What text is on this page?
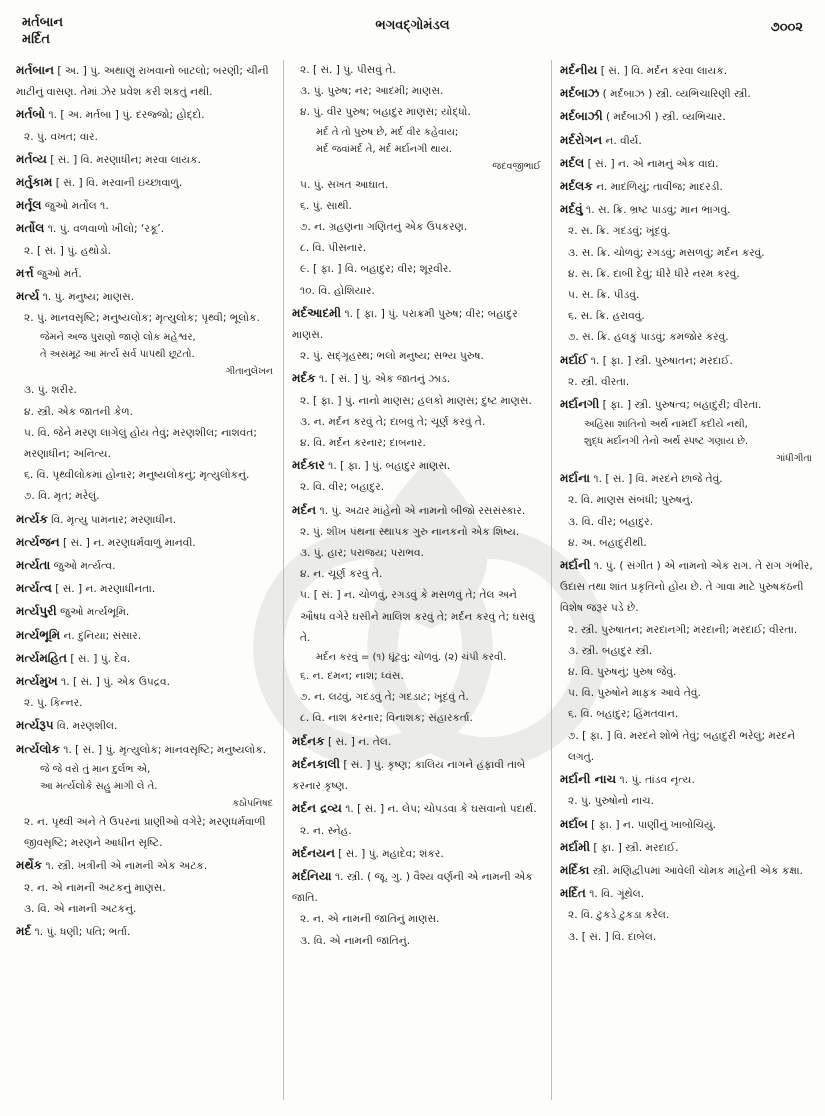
મર્તબાન
મર્દિત
ભગવદ્ગોમંડલ	૭૦૦૨
મર્તબાન [ અ. ] પું. અથાણું રાખવાનો બાટલો; બરણી; ચીની માટીનું વાસણ. તેમાં ઝેર પ્રવેશ કરી શકતું નથી.
મર્તબો ૧. [ અ. મર્તબા ] પું. દરજ્જો; હોદ્દો.
૨. પું. વખત; વાર.
મર્તવ્ય [ સં. ] વિ. મરણાધીન; મરવા લાયક.
મર્તુકામ [ સં. ] વિ. મરવાની ઇચ્છાવાળું.
મર્તૂલ જુઓ મર્તોલ ૧.
મર્તોલ ૧. પું. વળવાળો ખીલો; ‘રકૂ’.
૨. [ સં. ] પું. હથોડો.
મર્ત્ત જુઓ મર્ત.
મર્ત્ય ૧. પું. મનુષ્ય; માણસ.
૨. પું. માનવસૃષ્ટિ; મનુષ્યલોક; મૃત્યુલોક; પૃથ્વી; ભૂલોક.
જેમને અજ પુરાણો જાણે લોક મહેશ્વર,
તે અસંમૂઢ આ મર્ત્ય સર્વ પાપથી છૂટતો.
ગીતાનુલેખન
૩. પું. શરીર.
૪. સ્ત્રી. એક જાતની કેળ.
૫. વિ. જેને મરણ લાગેલું હોય તેવું; મરણશીલ; નાશવંત; મરણાધીન; અનિત્ય.
૬. વિ. પૃથ્વીલોકમાં હોનાર; મનુષ્યલોકનું; મૃત્યુલોકનું.
૭. વિ. મૃત; મરેલું.
મર્ત્યક વિ. મૃત્યુ પામનાર; મરણાધીન.
મર્ત્યજન [ સં. ] ન. મરણધર્મવાળું માનવી.
મર્ત્યતા જુઓ મર્ત્યત્વ.
મર્ત્યત્વ [ સં. ] ન. મરણાધીનતા.
મર્ત્યપુરી જુઓ મર્ત્યભૂમિ.
મર્ત્યભૂમિ ન. દુનિયા; સંસાર.
મર્ત્યમહિત [ સં. ] પું. દેવ.
મર્ત્યમુખ ૧. [ સં. ] પું. એક ઉપદ્રવ.
૨. પું. કિન્નર.
મર્ત્યરૂપ વિ. મરણશીલ.
મર્ત્યલોક ૧. [ સં. ] પું. મૃત્યુલોક; માનવસૃષ્ટિ; મનુષ્યલોક.
જે જે વરો તું માન દુર્લભ એ,
આ મર્ત્યલોકે સહુ માગી લે તે.
કઠોપનિષદ
૨. ન. પૃથ્વી અને તે ઉપરનાં પ્રાણીઓ વગેરે; મરણધર્મવાળી જીવસૃષ્ટિ; મરણને આધીન સૃષ્ટિ.
મર્થેક ૧. સ્ત્રી. ખત્રીની એ નામની એક અટક.
૨. ન. એ નામની અટકનું માણસ.
૩. વિ. એ નામની અટકનું.
મર્દ ૧. પું. ધણી; પતિ; ભર્તા.
૨. [ સં. ] પું. પીસવું તે.
૩. પું. પુરુષ; નર; આદમી; માણસ.
૪. પું. વીર પુરુષ; બહાદુર માણસ; યોદ્ધો.
મર્દ તે તો પુરુષ છે, મર્દ વીર કહેવાય;
મર્દ જવાંમર્દ તે, મર્દ મર્દાનગી થાય.
જદવજીભાઈ
૫. પું. સખત આઘાત.
૬. પું. સાથી.
૭. ન. ગ્રહણના ગણિતનું એક ઉપકરણ.
૮. વિ. પીસનાર.
૯. [ ફા. ] વિ. બહાદુર; વીર; શૂરવીર.
૧૦. વિ. હોશિયાર.
મર્દઆદમી ૧. [ ફા. ] પું. પરાક્રમી પુરુષ; વીર; બહાદુર માણસ.
૨. પું. સદ્ગૃહસ્થ; ભલો મનુષ્ય; સભ્ય પુરુષ.
મર્દક ૧. [ સં. ] પું. એક જાતનું ઝાડ.
૨. [ ફા. ] પું. નાનો માણસ; હલકો માણસ; દુષ્ટ માણસ.
૩. ન. મર્દન કરવું તે; દાબવું તે; ચૂર્ણ કરવું તે.
૪. વિ. મર્દન કરનાર; દાબનાર.
મર્દકાર ૧. [ ફા. ] પું. બહાદુર માણસ.
૨. વિ. વીર; બહાદુર.
મર્દન ૧. પું. અઢાર માંહેનો એ નામનો બીજો રસસંસ્કાર.
૨. પું. શીખ પંથના સ્થાપક ગુરુ નાનકનો એક શિષ્ય.
૩. પું. હાર; પરાજય; પરાભવ.
૪. ન. ચૂર્ણ કરવું તે.
૫. [ સં. ] ન. ચોળવું, રગડવું કે મસળવું તે; તેલ અને ઔષધ વગેરે ઘસીને માલિશ કરવું તે; મર્દન કરવું તે; ઘસવું તે.
મર્દન કરવું = (૧) ઘૂંટવું; ચોળવું. (૨) ચંપી કરવી.
૬. ન. દમન; નાશ; ધ્વંસ.
૭. ન. લઢવું, ગદડવું તે; ગદડાટ; ખૂંદવું તે.
૮. વિ. નાશ કરનાર; વિનાશક; સંહારકર્તા.
મર્દનક [ સં. ] ન. તેલ.
મર્દનકાલી [ સં. ] પું. કૃષ્ણ; કાલિય નાગને હંફાવી તાબે કરનાર કૃષ્ણ.
મર્દન દ્રવ્ય ૧. [ સં. ] ન. લેપ; ચોપડવા કે ઘસવાનો પદાર્થ.
૨. ન. સ્નેહ.
મર્દનયન [ સં. ] પું. મહાદેવ; શંકર.
મર્દનિયા ૧. સ્ત્રી. ( જૂ. ગુ. ) વૈશ્ય વર્ણની એ નામની એક જાતિ.
૨. ન. એ નામની જાતિનું માણસ.
૩. વિ. એ નામની જાતિનું.
મર્દનીય [ સં. ] વિ. મર્દન કરવા લાયક.
મર્દબાઝ ( મર્દબાઝ ) સ્ત્રી. વ્યભિચારિણી સ્ત્રી.
મર્દબાઝી ( મર્દબાઝી ) સ્ત્રી. વ્યભિચાર.
મર્દરોગન ન. વીર્ય.
મર્દલ [ સં. ] ન. એ નામનું એક વાદ્ય.
મર્દલક ન. માદળિયું; તાવીજ; માદરડી.
મર્દવું ૧. સ. ક્રિ. ભ્રષ્ટ પાડવું; માન ભાગવું.
૨. સ. ક્રિ. ગદડવું; ખૂંદવું.
૩. સ. ક્રિ. ચોળવું; રગડવું; મસળવું; મર્દન કરવું.
૪. સ. ક્રિ. દાબી દેવું; ધીરે ધીરે નરમ કરવું.
૫. સ. ક્રિ. પીડવું.
૬. સ. ક્રિ. હરાવવું.
૭. સ. ક્રિ. હલકું પાડવું; કમજોર કરવું.
મર્દાઈ ૧. [ ફા. ] સ્ત્રી. પુરુષાતન; મરદાઈ.
૨. સ્ત્રી. વીરતા.
મર્દાનગી [ ફા. ] સ્ત્રી. પુરુષત્વ; બહાદુરી; વીરતા.
અહિંસા શાંતિનો અર્થ નામર્દી કદીયે નથી,
શુદ્ધ મર્દાનગી તેનો અર્થ સ્પષ્ટ ગણાય છે.
ગાંધીગીતા
મર્દાના ૧. [ સં. ] વિ. મરદને છાજે તેવું.
૨. વિ. માણસ સંબંધી; પુરુષનું.
૩. વિ. વીર; બહાદુર.
૪. અ. બહાદુરીથી.
મર્દાની ૧. પું. ( સંગીત ) એ નામનો એક રાગ. તે રાગ ગંભીર, ઉદાસ તથા શાંત પ્રકૃતિનો હોય છે. તે ગાવા માટે પુરુષકંઠની વિશેષ જરૂર પડે છે.
૨. સ્ત્રી. પુરુષાતન; મરદાનગી; મરદાની; મરદાઈ; વીરતા.
૩. સ્ત્રી. બહાદુર સ્ત્રી.
૪. વિ. પુરુષનું; પુરુષ જેવું.
૫. વિ. પુરુષોને માફક આવે તેવું.
૬. વિ. બહાદુર; હિંમતવાન.
૭. [ ફા. ] વિ. મરદને શોભે તેવું; બહાદુરી ભરેલું; મરદને લગતું.
મર્દાની નાચ ૧. પું. તાંડવ નૃત્ય.
૨. પું. પુરુષોનો નાચ.
મર્દાબ [ ફા. ] ન. પાણીનું ખાબોચિયું.
મર્દામી [ ફા. ] સ્ત્રી. મરદાઈ.
મર્દિકા સ્ત્રી. મણિદ્વીપમાં આવેલી ચોમક માંહેની એક કક્ષા.
મર્દિત ૧. વિ. ગૂંથેલ.
૨. વિ. ટુકડે ટુકડા કરેલ.
૩. [ સં. ] વિ. દાબેલ.
